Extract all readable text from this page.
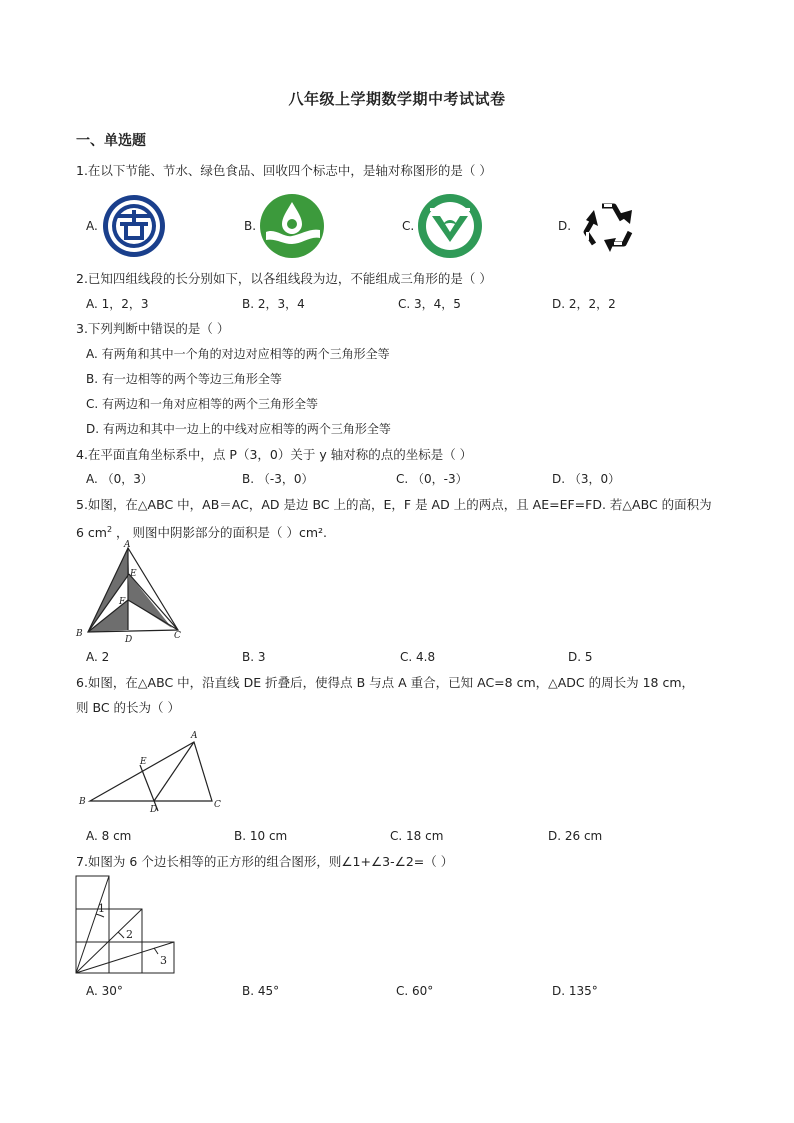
八年级上学期数学期中考试试卷
一、单选题
1.在以下节能、节水、绿色食品、回收四个标志中，是轴对称图形的是（ ）
A.	B.	C.	D.
2.已知四组线段的长分别如下，以各组线段为边，不能组成三角形的是（ ）
A. 1，2，3	B. 2，3，4	C. 3，4，5	D. 2，2，2
3.下列判断中错误的是（ ）
A. 有两角和其中一个角的对边对应相等的两个三角形全等
B. 有一边相等的两个等边三角形全等
C. 有两边和一角对应相等的两个三角形全等
D. 有两边和其中一边上的中线对应相等的两个三角形全等
4.在平面直角坐标系中，点 P（3，0）关于 y 轴对称的点的坐标是（ ）
A. （0，3）	B. （-3，0）	C. （0，-3）	D. （3，0）
5.如图，在△ABC 中，AB＝AC，AD 是边 BC 上的高，E，F 是 AD 上的两点，且 AE=EF=FD. 若△ABC 的面积为
6 $cm^2$ ， 则图中阴影部分的面积是（ ）cm².
A
E
F
B
D	C
A. 2	B. 3	C. 4.8	D. 5
6.如图，在△ABC 中，沿直线 DE 折叠后，使得点 B 与点 A 重合，已知 AC=8 cm，△ADC 的周长为 18 cm，
则 BC 的长为（ ）
A
E
B
D	C
A. 8 cm	B. 10 cm	C. 18 cm	D. 26 cm
7.如图为 6 个边长相等的正方形的组合图形，则∠1+∠3-∠2=（ ）
1
2
3
A. 30°	B. 45°	C. 60°	D. 135°
